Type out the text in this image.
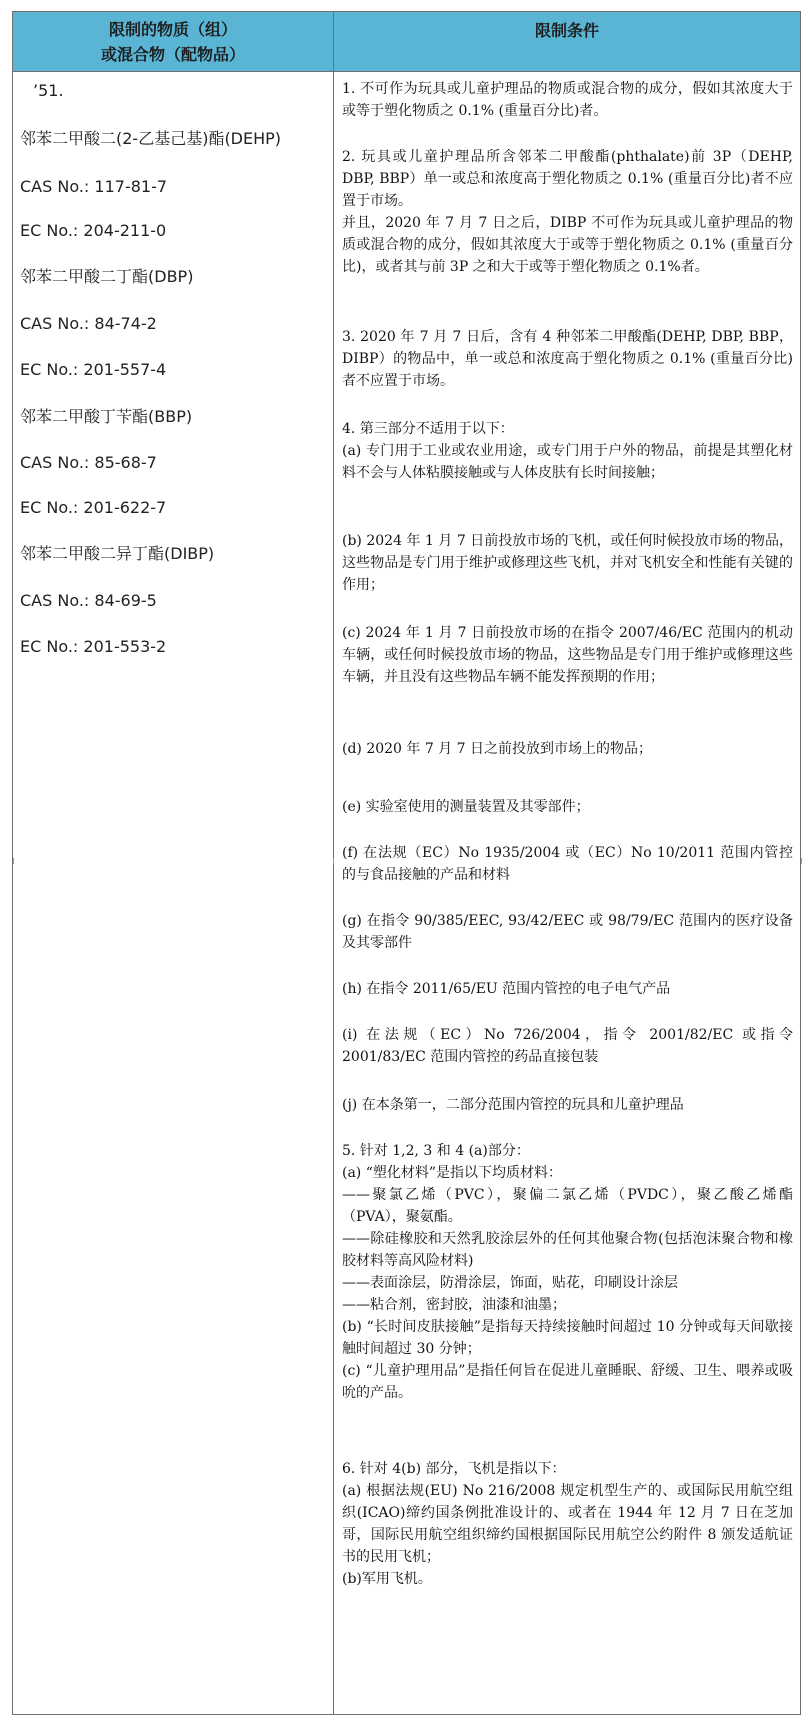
限制的物质（组）
或混合物（配物品）
限制条件
’51.
邻苯二甲酸二(2-乙基己基)酯(DEHP)
CAS No.: 117-81-7
EC No.: 204-211-0
邻苯二甲酸二丁酯(DBP)
CAS No.: 84-74-2
EC No.: 201-557-4
邻苯二甲酸丁苄酯(BBP)
CAS No.: 85-68-7
EC No.: 201-622-7
邻苯二甲酸二异丁酯(DIBP)
CAS No.: 84-69-5
EC No.: 201-553-2
1. 不可作为玩具或儿童护理品的物质或混合物的成分，假如其浓度大于或等于塑化物质之 0.1% (重量百分比)者。
2. 玩具或儿童护理品所含邻苯二甲酸酯(phthalate)前 3P（DEHP, DBP, BBP）单一或总和浓度高于塑化物质之 0.1% (重量百分比)者不应置于市场。
并且，2020 年 7 月 7 日之后，DIBP 不可作为玩具或儿童护理品的物质或混合物的成分，假如其浓度大于或等于塑化物质之 0.1% (重量百分比)，或者其与前 3P 之和大于或等于塑化物质之 0.1%者。
3. 2020 年 7 月 7 日后，含有 4 种邻苯二甲酸酯(DEHP, DBP, BBP，DIBP）的物品中，单一或总和浓度高于塑化物质之 0.1% (重量百分比)者不应置于市场。
4. 第三部分不适用于以下：
(a) 专门用于工业或农业用途，或专门用于户外的物品，前提是其塑化材料不会与人体粘膜接触或与人体皮肤有长时间接触；
(b) 2024 年 1 月 7 日前投放市场的飞机，或任何时候投放市场的物品，这些物品是专门用于维护或修理这些飞机，并对飞机安全和性能有关键的作用；
(c) 2024 年 1 月 7 日前投放市场的在指令 2007/46/EC 范围内的机动车辆，或任何时候投放市场的物品，这些物品是专门用于维护或修理这些车辆，并且没有这些物品车辆不能发挥预期的作用；
(d) 2020 年 7 月 7 日之前投放到市场上的物品；
(e) 实验室使用的测量装置及其零部件；
(f) 在法规（EC）No 1935/2004 或（EC）No 10/2011 范围内管控的与食品接触的产品和材料
(g) 在指令 90/385/EEC, 93/42/EEC 或 98/79/EC 范围内的医疗设备及其零部件
(h) 在指令 2011/65/EU 范围内管控的电子电气产品
(i) 在法规（EC）No 726/2004，指令 2001/82/EC 或指令 2001/83/EC 范围内管控的药品直接包装
(j) 在本条第一，二部分范围内管控的玩具和儿童护理品
5. 针对 1,2, 3 和 4 (a)部分：
(a) “塑化材料”是指以下均质材料：
——聚氯乙烯（PVC），聚偏二氯乙烯（PVDC），聚乙酸乙烯酯（PVA），聚氨酯。
——除硅橡胶和天然乳胶涂层外的任何其他聚合物(包括泡沫聚合物和橡胶材料等高风险材料)
——表面涂层，防滑涂层，饰面，贴花，印刷设计涂层
——粘合剂，密封胶，油漆和油墨；
(b) “长时间皮肤接触”是指每天持续接触时间超过 10 分钟或每天间歇接触时间超过 30 分钟；
(c) “儿童护理用品”是指任何旨在促进儿童睡眠、舒缓、卫生、喂养或吸吮的产品。
6. 针对 4(b) 部分，飞机是指以下：
(a) 根据法规(EU) No 216/2008 规定机型生产的、或国际民用航空组织(ICAO)缔约国条例批准设计的、或者在 1944 年 12 月 7 日在芝加哥，国际民用航空组织缔约国根据国际民用航空公约附件 8 颁发适航证书的民用飞机；
(b)军用飞机。
